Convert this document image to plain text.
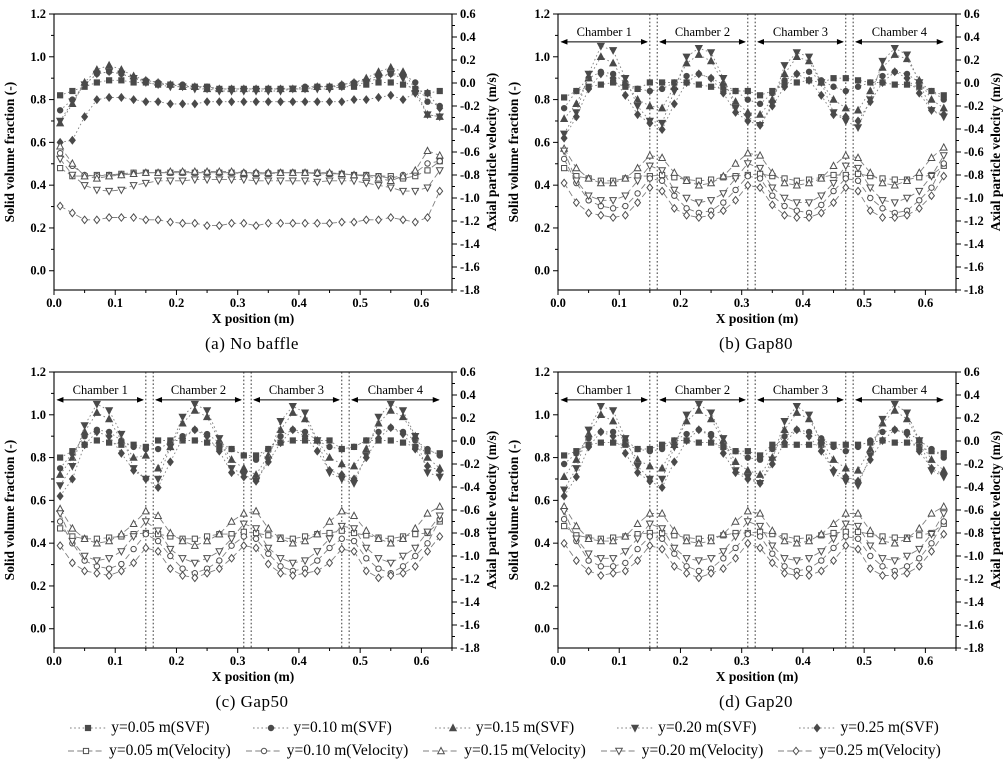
0.0	0.1	0.2	0.3	0.4	0.5	0.6
0.0
0.2
0.4
0.6
0.8
1.0
1.2
-1.8
-1.6
-1.4
-1.2
-1.0
-0.8
-0.6
-0.4
-0.2
0.0
0.2
0.4
0.6
X position (m)
Solid volume fraction (-)	Axial particle velocity (m/s)
(a) No baffle
0.0	0.1	0.2	0.3	0.4	0.5	0.6
0.0
0.2
0.4
0.6
0.8
1.0
1.2
-1.8
-1.6
-1.4
-1.2
-1.0
-0.8
-0.6
-0.4
-0.2
0.0
0.2
0.4
0.6
X position (m)
Solid volume fraction (-)	Axial particle velocity (m/s)
Chamber 1	Chamber 2	Chamber 3	Chamber 4
(b) Gap80
0.0	0.1	0.2	0.3	0.4	0.5	0.6
0.0
0.2
0.4
0.6
0.8
1.0
1.2
-1.8
-1.6
-1.4
-1.2
-1.0
-0.8
-0.6
-0.4
-0.2
0.0
0.2
0.4
0.6
X position (m)
Solid volume fraction (-)	Axial particle velocity (m/s)
Chamber 1	Chamber 2	Chamber 3	Chamber 4
(c) Gap50
0.0	0.1	0.2	0.3	0.4	0.5	0.6
0.0
0.2
0.4
0.6
0.8
1.0
1.2
-1.8
-1.6
-1.4
-1.2
-1.0
-0.8
-0.6
-0.4
-0.2
0.0
0.2
0.4
0.6
X position (m)
Solid volume fraction (-)	Axial particle velocity (m/s)
Chamber 1	Chamber 2	Chamber 3	Chamber 4
(d) Gap20
y=0.05 m(SVF)	y=0.10 m(SVF)	y=0.15 m(SVF)	y=0.20 m(SVF)	y=0.25 m(SVF)
y=0.05 m(Velocity)	y=0.10 m(Velocity)	y=0.15 m(Velocity)	y=0.20 m(Velocity)	y=0.25 m(Velocity)
